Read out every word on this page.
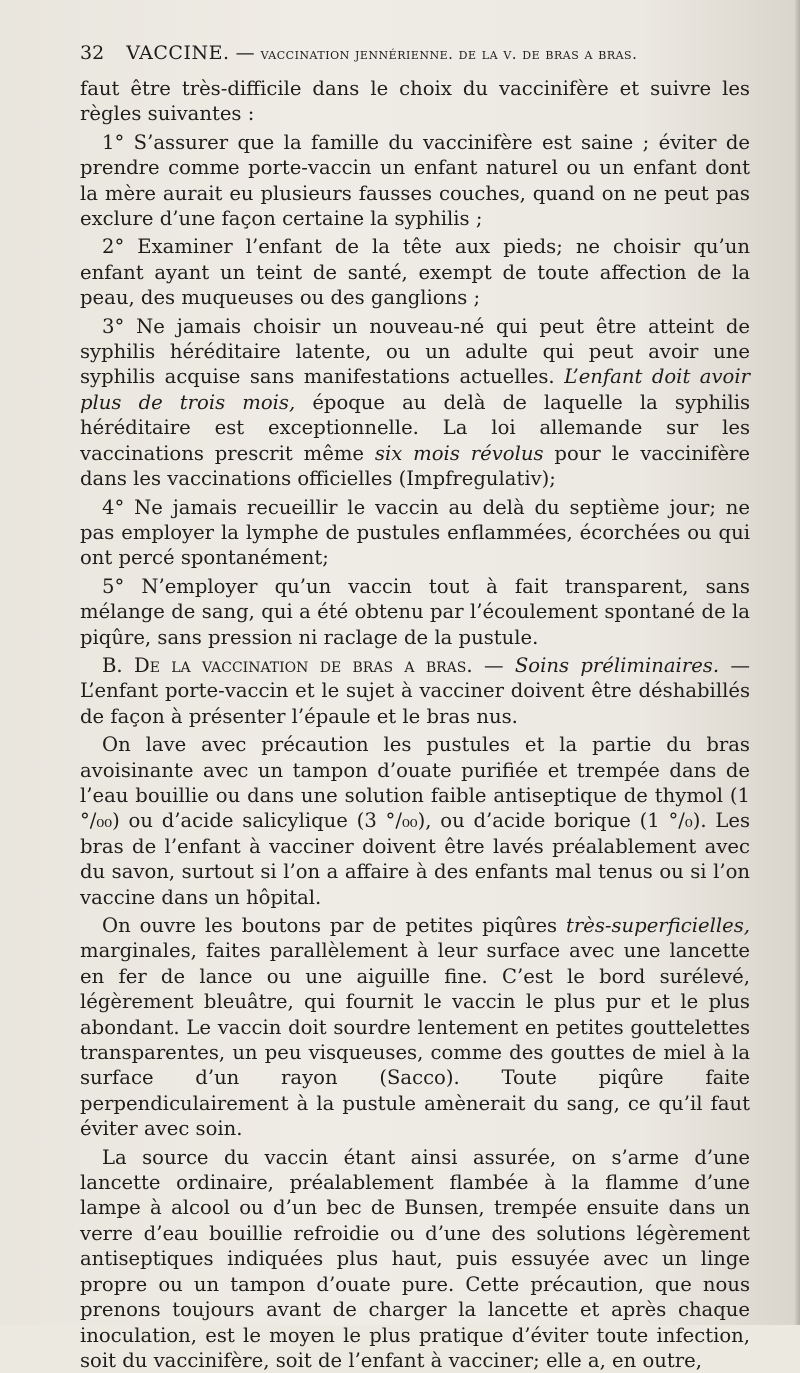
32 VACCINE. — vaccination jennérienne. de la v. de bras a bras.

faut être très-difficile dans le choix du vaccinifère et suivre les règles suivantes :

1° S’assurer que la famille du vaccinifère est saine ; éviter de prendre comme porte-vaccin un enfant naturel ou un enfant dont la mère aurait eu plusieurs fausses couches, quand on ne peut pas exclure d’une façon certaine la syphilis ;

2° Examiner l’enfant de la tête aux pieds; ne choisir qu’un enfant ayant un teint de santé, exempt de toute affection de la peau, des muqueuses ou des ganglions ;

3° Ne jamais choisir un nouveau-né qui peut être atteint de syphilis héréditaire latente, ou un adulte qui peut avoir une syphilis acquise sans manifestations actuelles. L’enfant doit avoir plus de trois mois, époque au delà de laquelle la syphilis héréditaire est exceptionnelle. La loi allemande sur les vaccinations prescrit même six mois révolus pour le vaccinifère dans les vaccinations officielles (Impfregulativ);

4° Ne jamais recueillir le vaccin au delà du septième jour; ne pas employer la lymphe de pustules enflammées, écorchées ou qui ont percé spontanément;

5° N’employer qu’un vaccin tout à fait transparent, sans mélange de sang, qui a été obtenu par l’écoulement spontané de la piqûre, sans pression ni raclage de la pustule.

B. De la vaccination de bras a bras. — Soins préliminaires. — L’enfant porte-vaccin et le sujet à vacciner doivent être déshabillés de façon à présenter l’épaule et le bras nus.

On lave avec précaution les pustules et la partie du bras avoisinante avec un tampon d’ouate purifiée et trempée dans de l’eau bouillie ou dans une solution faible antiseptique de thymol (1 °/₀₀) ou d’acide salicylique (3 °/₀₀), ou d’acide borique (1 °/₀). Les bras de l’enfant à vacciner doivent être lavés préalablement avec du savon, surtout si l’on a affaire à des enfants mal tenus ou si l’on vaccine dans un hôpital.

On ouvre les boutons par de petites piqûres très-superficielles, marginales, faites parallèlement à leur surface avec une lancette en fer de lance ou une aiguille fine. C’est le bord surélevé, légèrement bleuâtre, qui fournit le vaccin le plus pur et le plus abondant. Le vaccin doit sourdre lentement en petites gouttelettes transparentes, un peu visqueuses, comme des gouttes de miel à la surface d’un rayon (Sacco). Toute piqûre faite perpendiculairement à la pustule amènerait du sang, ce qu’il faut éviter avec soin.

La source du vaccin étant ainsi assurée, on s’arme d’une lancette ordinaire, préalablement flambée à la flamme d’une lampe à alcool ou d’un bec de Bunsen, trempée ensuite dans un verre d’eau bouillie refroidie ou d’une des solutions légèrement antiseptiques indiquées plus haut, puis essuyée avec un linge propre ou un tampon d’ouate pure. Cette précaution, que nous prenons toujours avant de charger la lancette et après chaque inoculation, est le moyen le plus pratique d’éviter toute infection, soit du vaccinifère, soit de l’enfant à vacciner; elle a, en outre,
